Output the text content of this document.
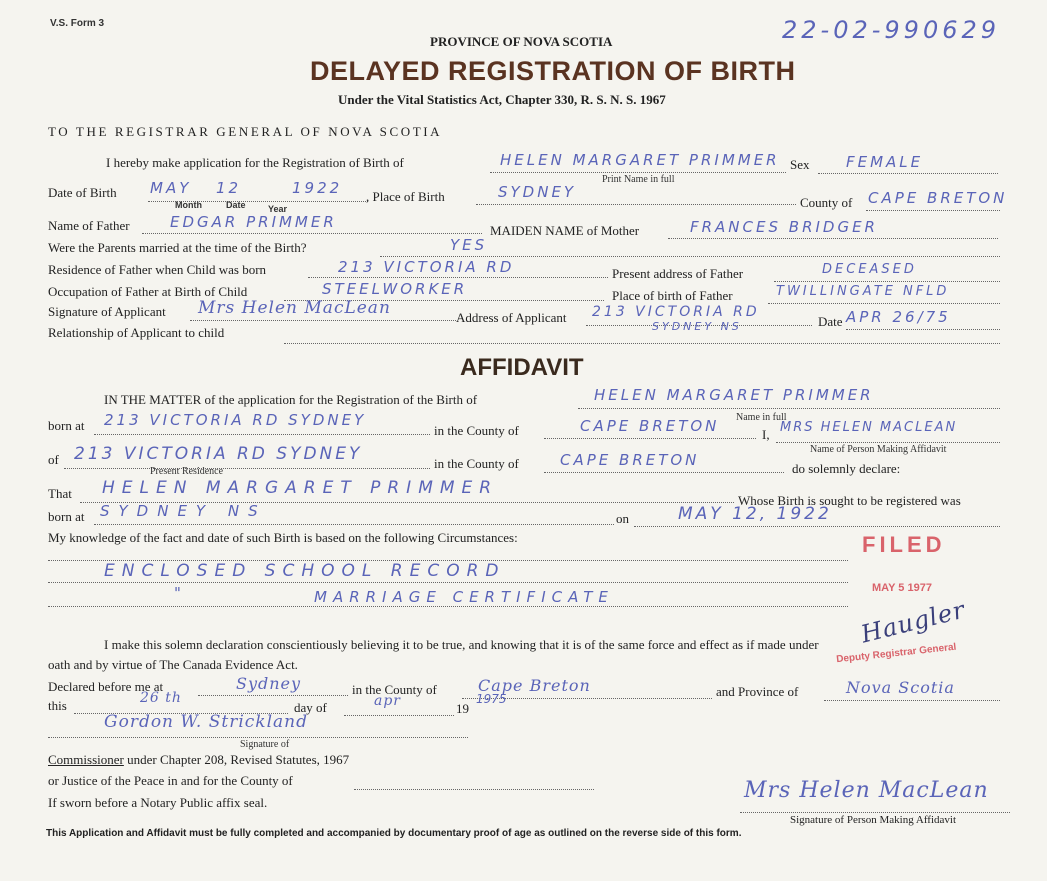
V.S. Form 3	22-02-990629
PROVINCE OF NOVA SCOTIA
DELAYED REGISTRATION OF BIRTH
Under the Vital Statistics Act, Chapter 330, R. S. N. S. 1967
TO THE REGISTRAR GENERAL OF NOVA SCOTIA
I hereby make application for the Registration of Birth of	HELEN MARGARET PRIMMER
Print Name in full
Sex FEMALE
Date of Birth MAY 12	1922
Month	Date Year
, Place of Birth	SYDNEY
County of CAPE BRETON
Name of Father	EDGAR PRIMMER	MAIDEN NAME of Mother	FRANCES BRIDGER
Were the Parents married at the time of the Birth?	YES
Residence of Father when Child was born	213 VICTORIA RD	Present address of Father	DECEASED
Occupation of Father at Birth of Child	STEELWORKER	Place of birth of Father	TWILLINGATE NFLD
Signature of Applicant Mrs Helen MacLean	Address of Applicant 213 VICTORIA RD
SYDNEY NS	Date APR 26/75
Relationship of Applicant to child
AFFIDAVIT
IN THE MATTER of the application for the Registration of the Birth of	HELEN MARGARET PRIMMER
Name in full
born at 213 VICTORIA RD SYDNEY
in the County of	CAPE BRETON	I, MRS HELEN MACLEAN
Name of Person Making Affidavit
of 213 VICTORIA RD SYDNEY
Present Residence
in the County of	CAPE BRETON	do solemnly declare:
That HELEN MARGARET PRIMMER
Whose Birth is sought to be registered was
born at SYDNEY NS	on	MAY 12, 1922
My knowledge of the fact and date of such Birth is based on the following Circumstances:
ENCLOSED SCHOOL RECORD
"	MARRIAGE CERTIFICATE
FILED
MAY 5 1977
Haugler
Deputy Registrar General
I make this solemn declaration conscientiously believing it to be true, and knowing that it is of the same force and effect as if made under
oath and by virtue of The Canada Evidence Act.
Declared before me at	Sydney	in the County of	Cape Breton	and Province of	Nova Scotia
this	26 th
day of	apr	19
1975
Gordon W. Strickland
Signature of
Commissioner under Chapter 208, Revised Statutes, 1967
or Justice of the Peace in and for the County of
If sworn before a Notary Public affix seal.	Mrs Helen MacLean
Signature of Person Making Affidavit
This Application and Affidavit must be fully completed and accompanied by documentary proof of age as outlined on the reverse side of this form.
